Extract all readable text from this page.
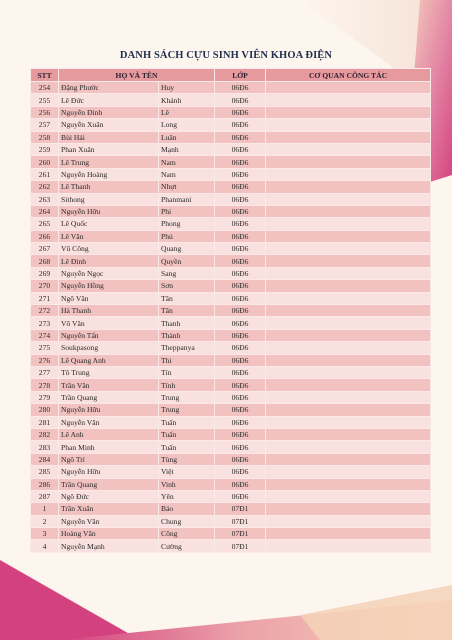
DANH SÁCH CỰU SINH VIÊN KHOA ĐIỆN
STT	HỌ VÀ TÊN		LỚP	CƠ QUAN CÔNG TÁC
254	Đặng Phước	Huy	06Đ6	
255	Lê Đức	Khánh	06Đ6	
256	Nguyễn Đình	Lê	06Đ6	
257	Nguyễn Xuân	Long	06Đ6	
258	Bùi Hải	Luân	06Đ6	
259	Phan Xuân	Mạnh	06Đ6	
260	Lê Trung	Nam	06Đ6	
261	Nguyễn Hoàng	Nam	06Đ6	
262	Lê Thanh	Nhựt	06Đ6	
263	Sithong	Phanmani	06Đ6	
264	Nguyễn Hữu	Phi	06Đ6	
265	Lê Quốc	Phong	06Đ6	
266	Lê Văn	Phú	06Đ6	
267	Vũ Công	Quang	06Đ6	
268	Lê Đình	Quyền	06Đ6	
269	Nguyễn Ngọc	Sang	06Đ6	
270	Nguyễn Hồng	Sơn	06Đ6	
271	Ngô Văn	Tân	06Đ6	
272	Hà Thanh	Tân	06Đ6	
273	Võ Văn	Thanh	06Đ6	
274	Nguyễn Tấn	Thành	06Đ6	
275	Soukpasong	Theppanya	06Đ6	
276	Lê Quang Anh	Thi	06Đ6	
277	Tô Trung	Tín	06Đ6	
278	Trần Văn	Tính	06Đ6	
279	Trần Quang	Trung	06Đ6	
280	Nguyễn Hữu	Trung	06Đ6	
281	Nguyễn Văn	Tuấn	06Đ6	
282	Lê Anh	Tuấn	06Đ6	
283	Phan Minh	Tuấn	06Đ6	
284	Ngô Trí	Tùng	06Đ6	
285	Nguyễn Hữu	Việt	06Đ6	
286	Trần Quang	Vinh	06Đ6	
287	Ngô Đức	Yên	06Đ6	
1	Trần Xuân	Bảo	07Đ1	
2	Nguyễn Văn	Chung	07Đ1	
3	Hoàng Văn	Công	07Đ1	
4	Nguyễn Mạnh	Cường	07Đ1	
